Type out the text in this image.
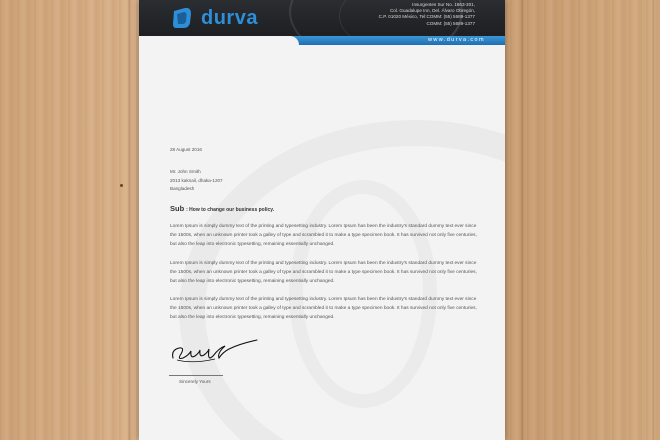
durva
Insurgentes Sur No. 1863-301,
Col. Guadalupe Inn, Del. Álvaro Obregón,
C.P. 01020 México, Tel:COMM: (55) 5689-1377
COMM: (55) 5689-1377
www.durva.com
28 August 2016
Mr. John Smith
2013 kaknail, dhaka-1207
Bangladesh
Sub : How to change our business policy.
Lorem Ipsum is simply dummy text of the printing and typesetting industry. Lorem Ipsum has been the industry's standard dummy text ever since the 1500s, when an unknown printer took a galley of type and scrambled it to make a type specimen book. It has survived not only five centuries, but also the leap into electronic typesetting, remaining essentially unchanged.
Lorem Ipsum is simply dummy text of the printing and typesetting industry. Lorem Ipsum has been the industry's standard dummy text ever since the 1500s, when an unknown printer took a galley of type and scrambled it to make a type specimen book. It has survived not only five centuries, but also the leap into electronic typesetting, remaining essentially unchanged.
Lorem Ipsum is simply dummy text of the printing and typesetting industry. Lorem Ipsum has been the industry's standard dummy text ever since the 1500s, when an unknown printer took a galley of type and scrambled it to make a type specimen book. It has survived not only five centuries, but also the leap into electronic typesetting, remaining essentially unchanged.
Sincerely Yours
